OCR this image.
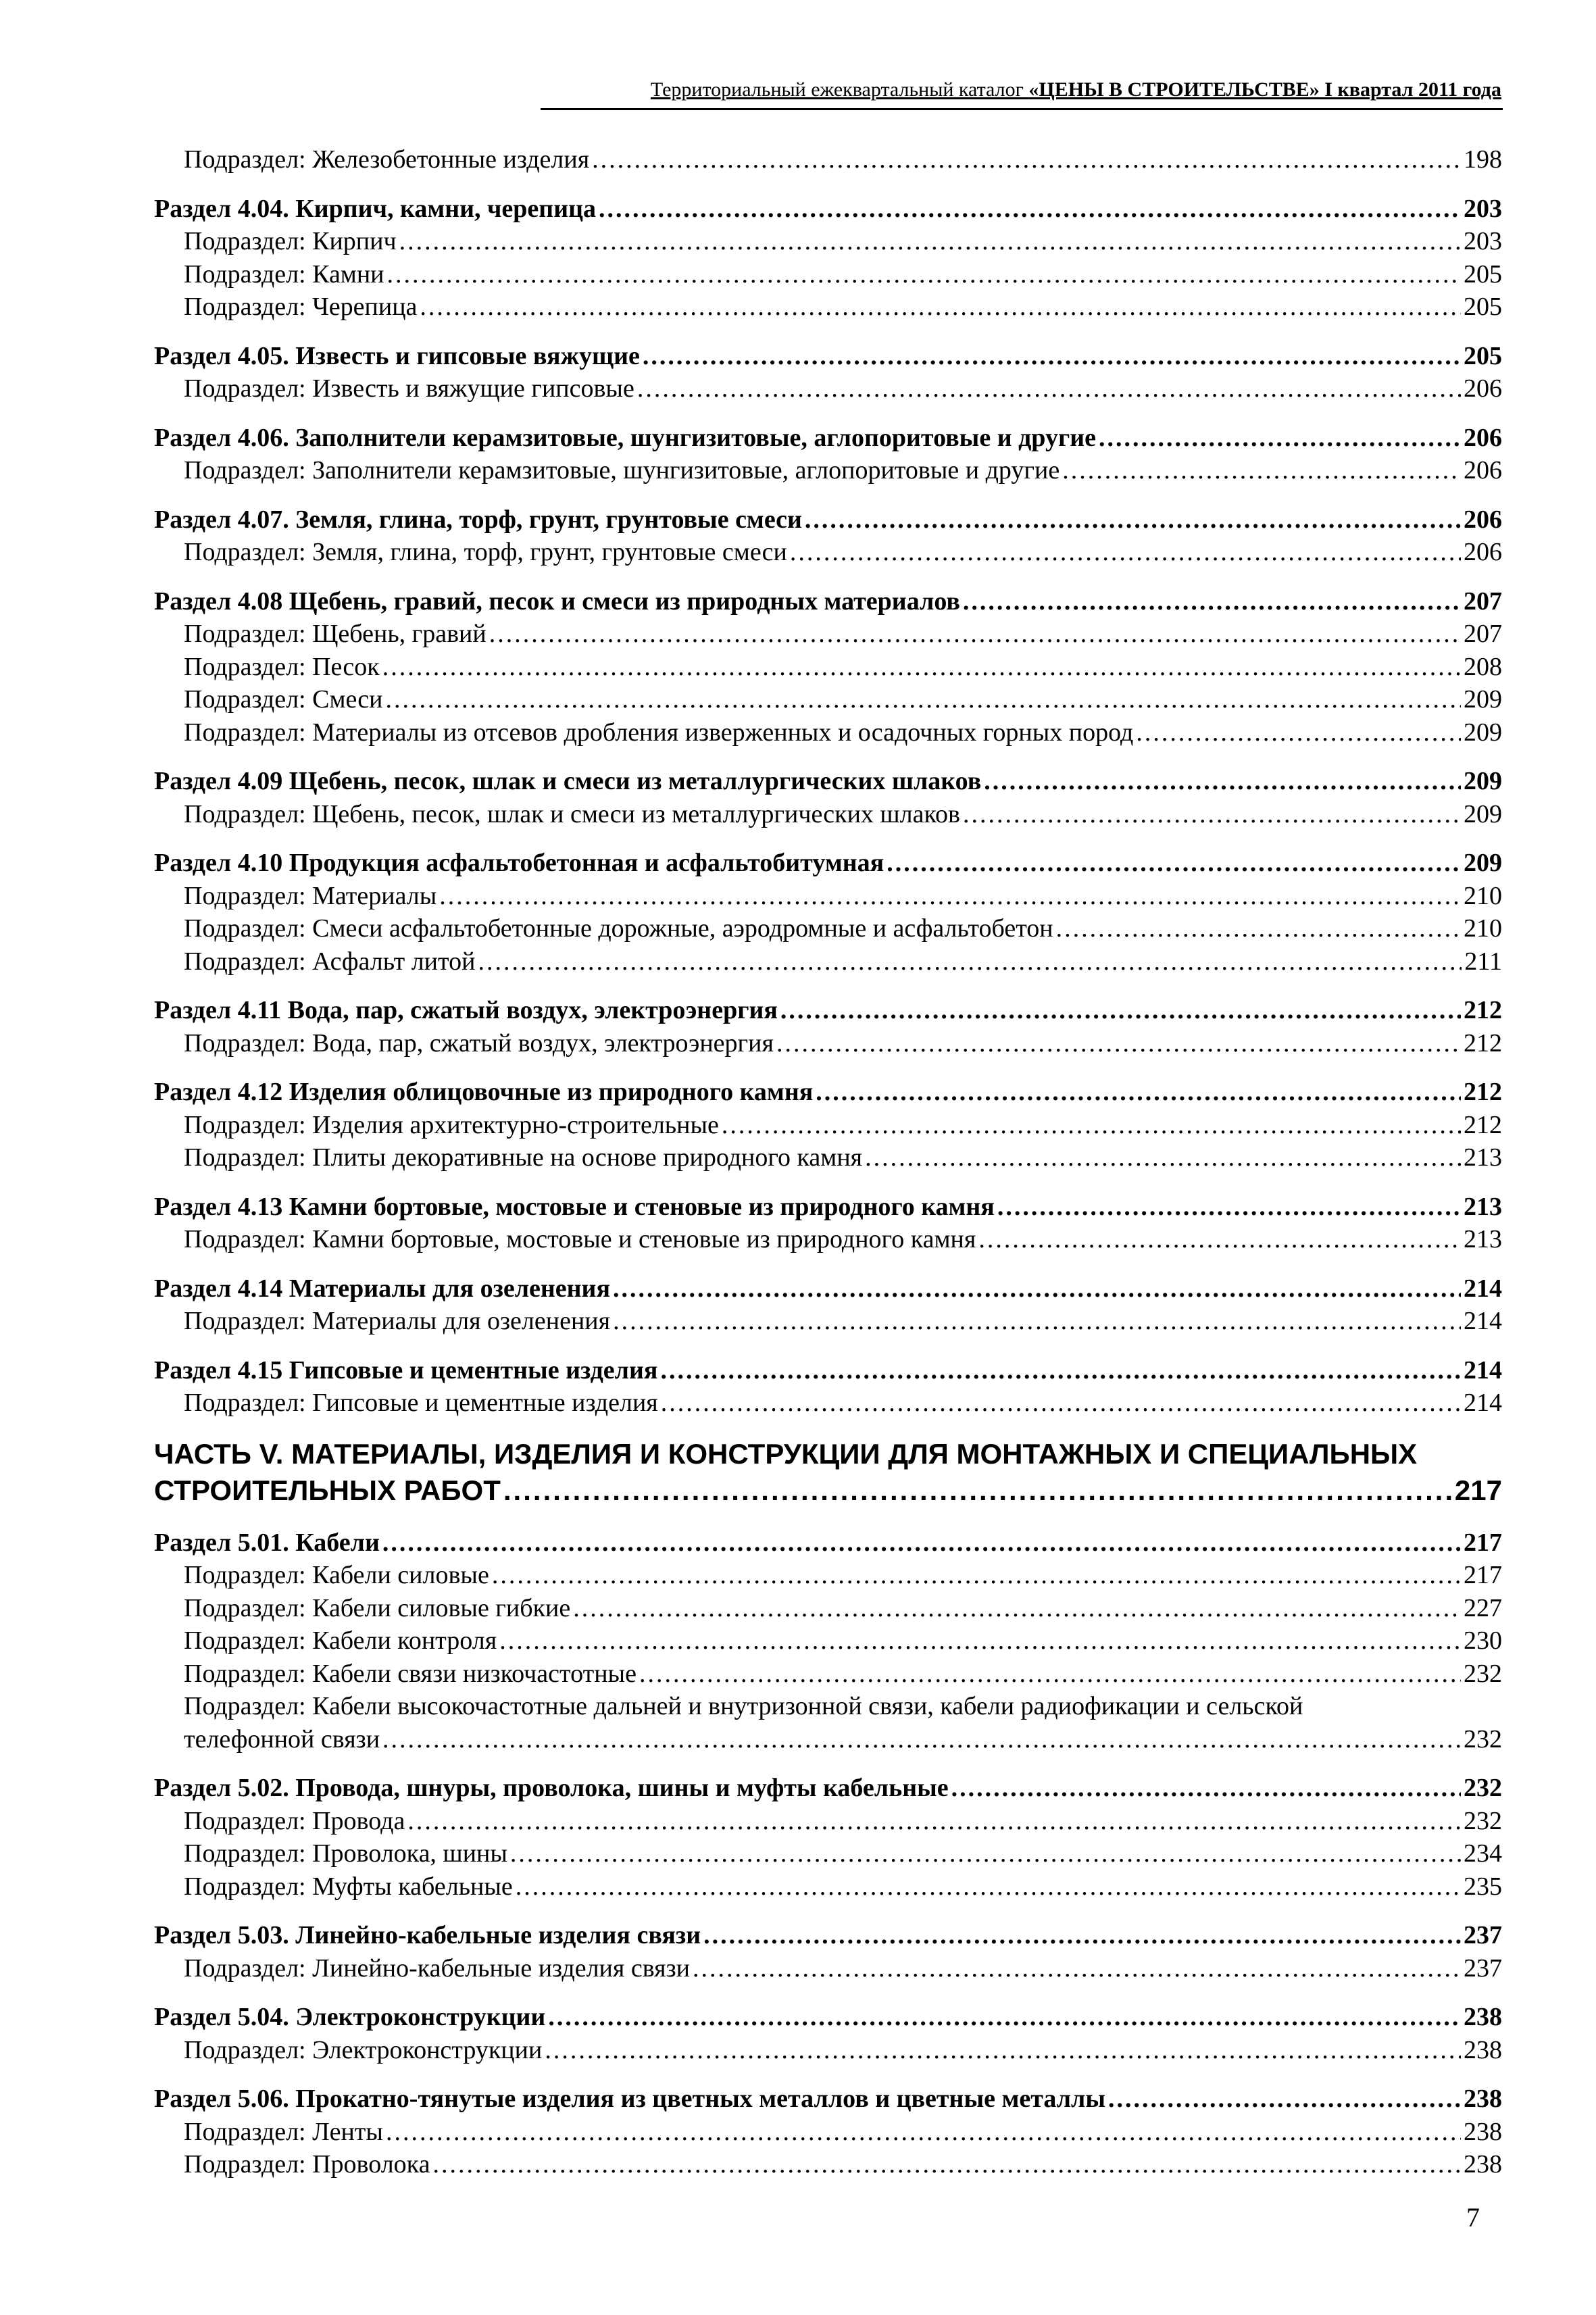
Территориальный ежеквартальный каталог «ЦЕНЫ В СТРОИТЕЛЬСТВЕ» I квартал 2011 года
Подраздел: Железобетонные изделия .....	198
Раздел 4.04. Кирпич, камни, черепица .....	203
Подраздел: Кирпич .....	203
Подраздел: Камни .....	205
Подраздел: Черепица .....	205
Раздел 4.05. Известь и гипсовые вяжущие .....	205
Подраздел: Известь и вяжущие гипсовые .....	206
Раздел 4.06. Заполнители керамзитовые, шунгизитовые, аглопоритовые и другие .....	206
Подраздел: Заполнители керамзитовые, шунгизитовые, аглопоритовые и другие .....	206
Раздел 4.07. Земля, глина, торф, грунт, грунтовые смеси .....	206
Подраздел: Земля, глина, торф, грунт, грунтовые смеси .....	206
Раздел 4.08 Щебень, гравий, песок и смеси из природных материалов .....	207
Подраздел: Щебень, гравий .....	207
Подраздел: Песок .....	208
Подраздел: Смеси .....	209
Подраздел: Материалы из отсевов дробления изверженных и осадочных горных пород .....	209
Раздел 4.09 Щебень, песок, шлак и смеси из металлургических шлаков .....	209
Подраздел: Щебень, песок, шлак и смеси из металлургических шлаков .....	209
Раздел 4.10 Продукция асфальтобетонная и асфальтобитумная .....	209
Подраздел: Материалы .....	210
Подраздел: Смеси асфальтобетонные дорожные, аэродромные и асфальтобетон .....	210
Подраздел: Асфальт литой .....	211
Раздел 4.11 Вода, пар, сжатый воздух, электроэнергия .....	212
Подраздел: Вода, пар, сжатый воздух, электроэнергия .....	212
Раздел 4.12 Изделия облицовочные из природного камня .....	212
Подраздел: Изделия архитектурно-строительные .....	212
Подраздел: Плиты декоративные на основе природного камня .....	213
Раздел 4.13 Камни бортовые, мостовые и стеновые из природного камня .....	213
Подраздел: Камни бортовые, мостовые и стеновые из природного камня .....	213
Раздел 4.14 Материалы для озеленения .....	214
Подраздел: Материалы для озеленения .....	214
Раздел 4.15 Гипсовые и цементные изделия .....	214
Подраздел: Гипсовые и цементные изделия .....	214
ЧАСТЬ V. МАТЕРИАЛЫ, ИЗДЕЛИЯ И КОНСТРУКЦИИ ДЛЯ МОНТАЖНЫХ И СПЕЦИАЛЬНЫХ
СТРОИТЕЛЬНЫХ РАБОТ .....	217
Раздел 5.01. Кабели .....	217
Подраздел: Кабели силовые .....	217
Подраздел: Кабели силовые гибкие .....	227
Подраздел: Кабели контроля .....	230
Подраздел: Кабели связи низкочастотные .....	232
Подраздел: Кабели высокочастотные дальней и внутризонной связи, кабели радиофикации и сельской
телефонной связи .....	232
Раздел 5.02. Провода, шнуры, проволока, шины и муфты кабельные .....	232
Подраздел: Провода .....	232
Подраздел: Проволока, шины .....	234
Подраздел: Муфты кабельные .....	235
Раздел 5.03. Линейно-кабельные изделия связи .....	237
Подраздел: Линейно-кабельные изделия связи .....	237
Раздел 5.04. Электроконструкции .....	238
Подраздел: Электроконструкции .....	238
Раздел 5.06. Прокатно-тянутые изделия из цветных металлов и цветные металлы .....	238
Подраздел: Ленты .....	238
Подраздел: Проволока .....	238
7
